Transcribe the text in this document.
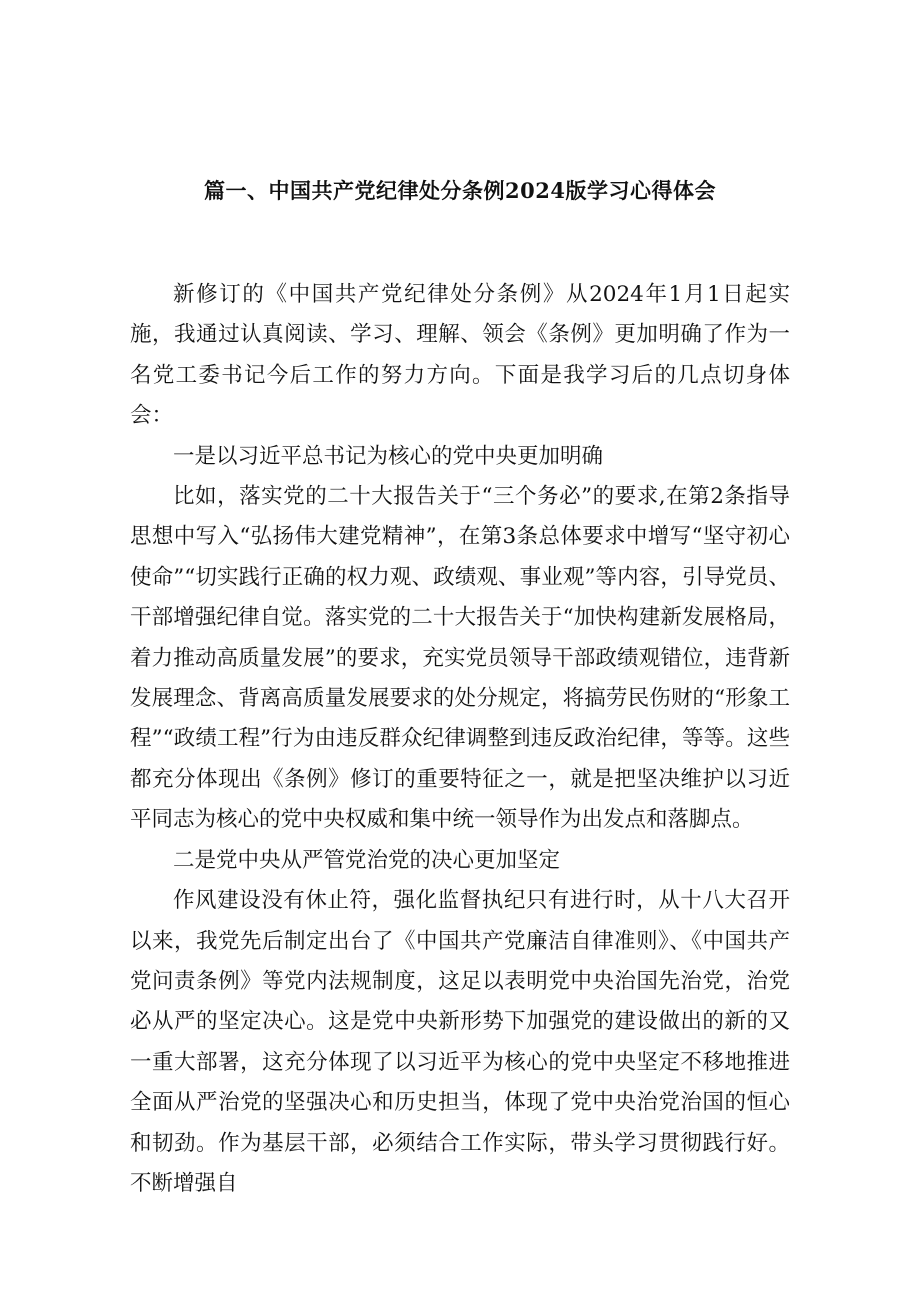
篇一、中国共产党纪律处分条例2024版学习心得体会

新修订的《中国共产党纪律处分条例》从2024年1月1日起实施，我通过认真阅读、学习、理解、领会《条例》更加明确了作为一名党工委书记今后工作的努力方向。下面是我学习后的几点切身体会：

一是以习近平总书记为核心的党中央更加明确

比如，落实党的二十大报告关于“三个务必”的要求,在第2条指导思想中写入“弘扬伟大建党精神”，在第3条总体要求中增写“坚守初心使命”“切实践行正确的权力观、政绩观、事业观”等内容，引导党员、干部增强纪律自觉。落实党的二十大报告关于“加快构建新发展格局，着力推动高质量发展”的要求，充实党员领导干部政绩观错位，违背新发展理念、背离高质量发展要求的处分规定，将搞劳民伤财的“形象工程”“政绩工程”行为由违反群众纪律调整到违反政治纪律，等等。这些都充分体现出《条例》修订的重要特征之一，就是把坚决维护以习近平同志为核心的党中央权威和集中统一领导作为出发点和落脚点。

二是党中央从严管党治党的决心更加坚定

作风建设没有休止符，强化监督执纪只有进行时，从十八大召开以来，我党先后制定出台了《中国共产党廉洁自律准则》、《中国共产党问责条例》等党内法规制度，这足以表明党中央治国先治党，治党必从严的坚定决心。这是党中央新形势下加强党的建设做出的新的又一重大部署，这充分体现了以习近平为核心的党中央坚定不移地推进全面从严治党的坚强决心和历史担当，体现了党中央治党治国的恒心和韧劲。作为基层干部，必须结合工作实际，带头学习贯彻践行好。不断增强自
